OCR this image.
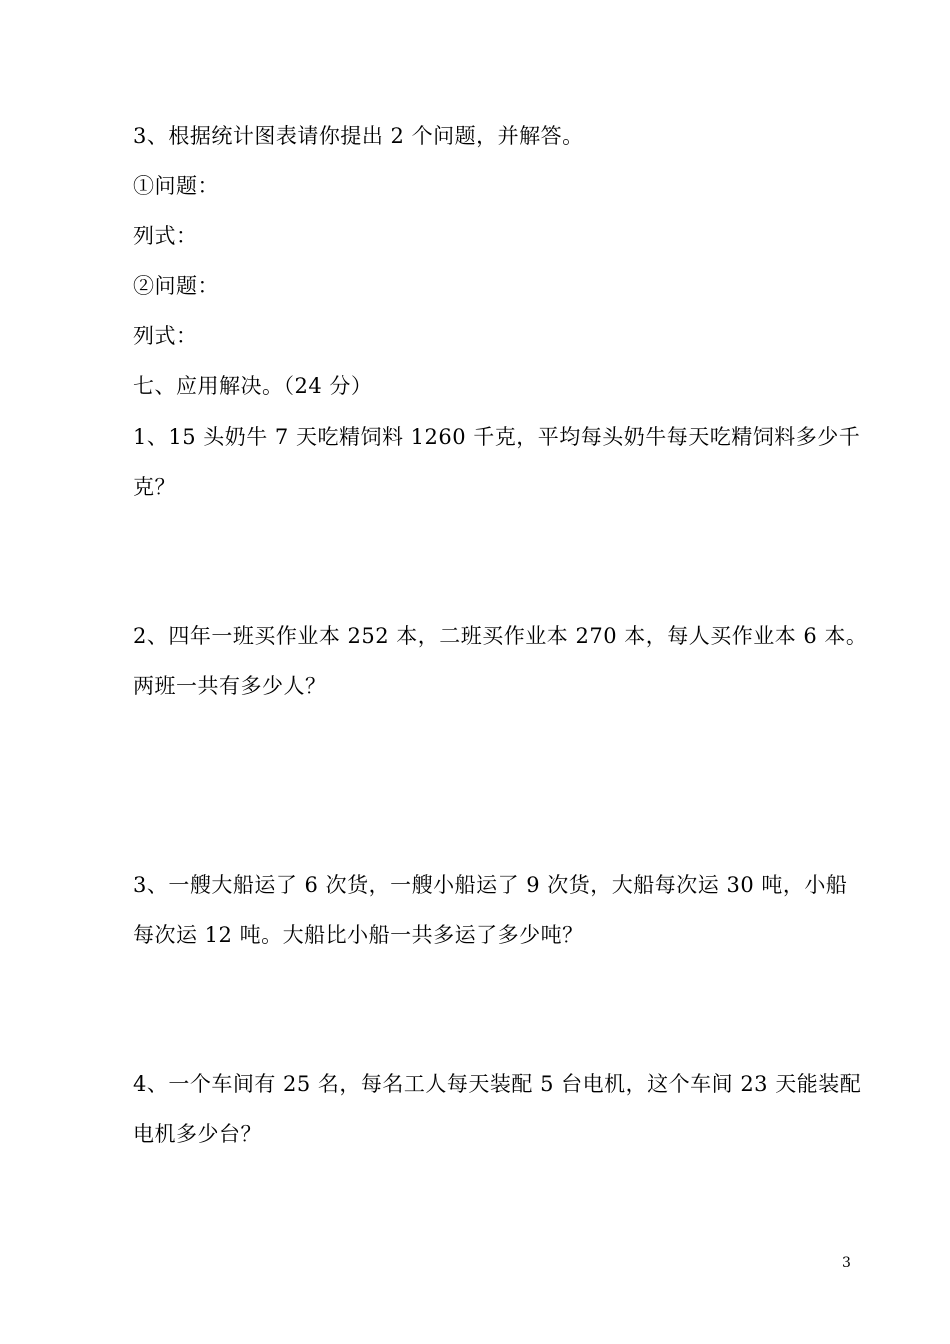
3、根据统计图表请你提出 2 个问题，并解答。
①问题：
列式：
②问题：
列式：
七、应用解决。（24 分）
1、15 头奶牛 7 天吃精饲料 1260 千克，平均每头奶牛每天吃精饲料多少千
克？
2、四年一班买作业本 252 本，二班买作业本 270 本，每人买作业本 6 本。
两班一共有多少人？
3、一艘大船运了 6 次货，一艘小船运了 9 次货，大船每次运 30 吨，小船
每次运 12 吨。大船比小船一共多运了多少吨？
4、一个车间有 25 名，每名工人每天装配 5 台电机，这个车间 23 天能装配
电机多少台？
3
